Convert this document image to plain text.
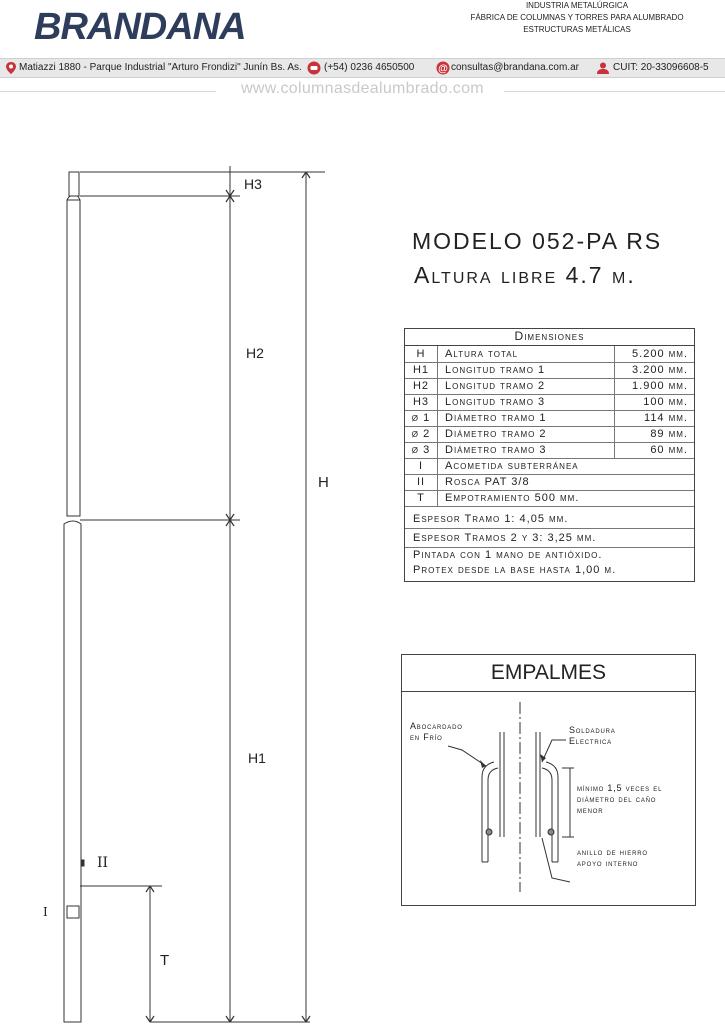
BRANDANA
INDUSTRIA METALÚRGICA
FÁBRICA DE COLUMNAS Y TORRES PARA ALUMBRADO
ESTRUCTURAS METÁLICAS
Matiazzi 1880 - Parque Industrial "Arturo Frondizi" Junín Bs. As. (+54) 0236 4650500 @ consultas@brandana.com.ar	CUIT: 20-33096608-5
www.columnasdealumbrado.com
H3
H2
H
H1
II
I
T
MODELO 052-PA RS
Altura libre 4.7 m.
Dimensiones
H	Altura total	5.200 mm.
H1	Longitud tramo 1	3.200 mm.
H2	Longitud tramo 2	1.900 mm.
H3	Longitud tramo 3	100 mm.
ø 1	Diámetro tramo 1	114 mm.
ø 2	Diámetro tramo 2	89 mm.
ø 3	Diámetro tramo 3	60 mm.
I	Acometida subterránea
II	Rosca PAT 3/8
T	Empotramiento 500 mm.
Espesor Tramo 1: 4,05 mm.
Espesor Tramos 2 y 3: 3,25 mm.
Pintada con 1 mano de antióxido.
Protex desde la base hasta 1,00 m.
EMPALMES
Abocardado
en Frío
Soldadura
Electrica
mínimo 1,5 veces el
diámetro del caño
menor
anillo de hierro
apoyo interno
